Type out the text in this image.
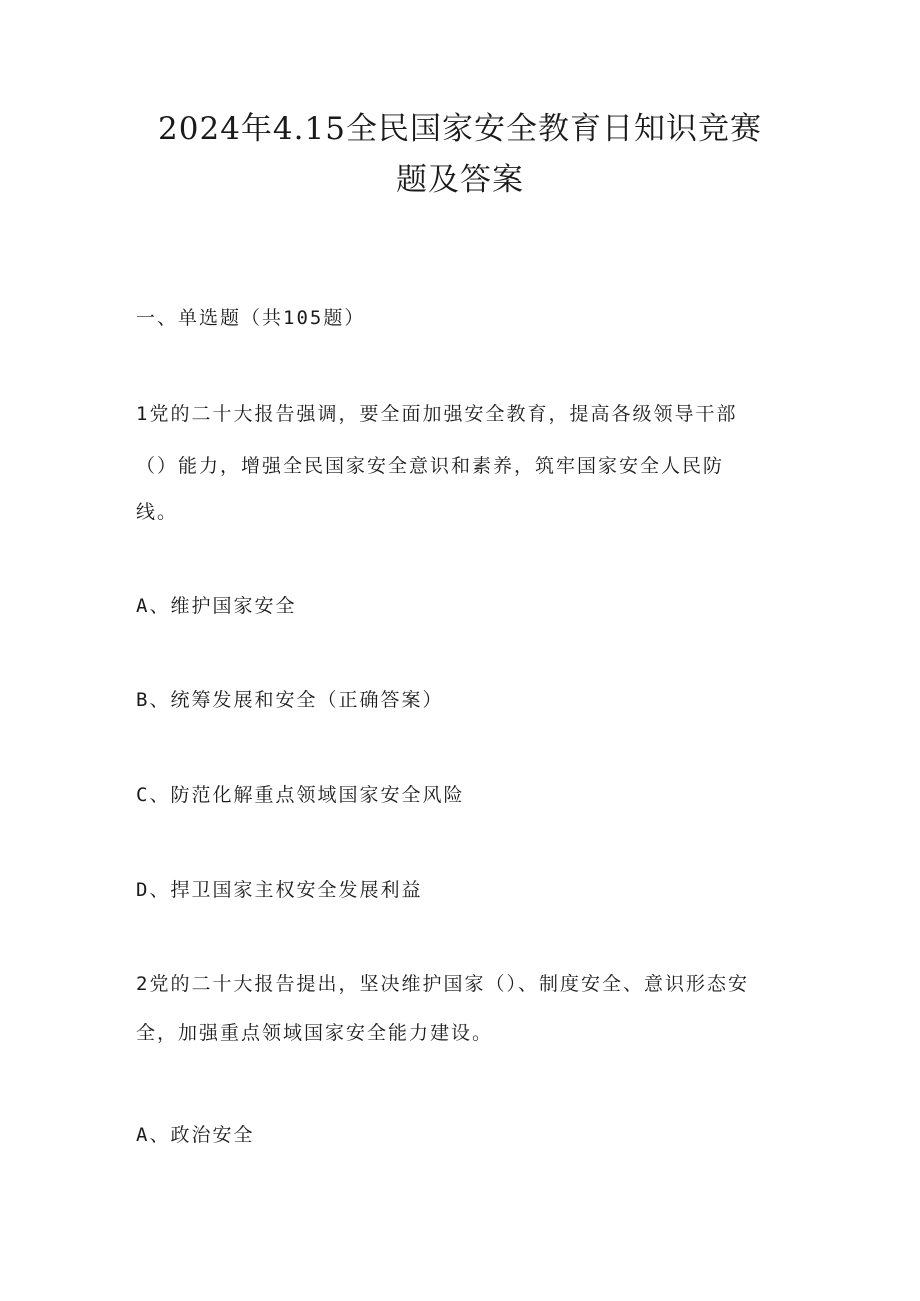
2024年4.15全民国家安全教育日知识竞赛
题及答案
一、单选题（共105题）
1党的二十大报告强调，要全面加强安全教育，提高各级领导干部
（）能力，增强全民国家安全意识和素养，筑牢国家安全人民防
线。
A、维护国家安全
B、统筹发展和安全（正确答案）
C、防范化解重点领域国家安全风险
D、捍卫国家主权安全发展利益
2党的二十大报告提出，坚决维护国家（）、制度安全、意识形态安
全，加强重点领域国家安全能力建设。
A、政治安全
